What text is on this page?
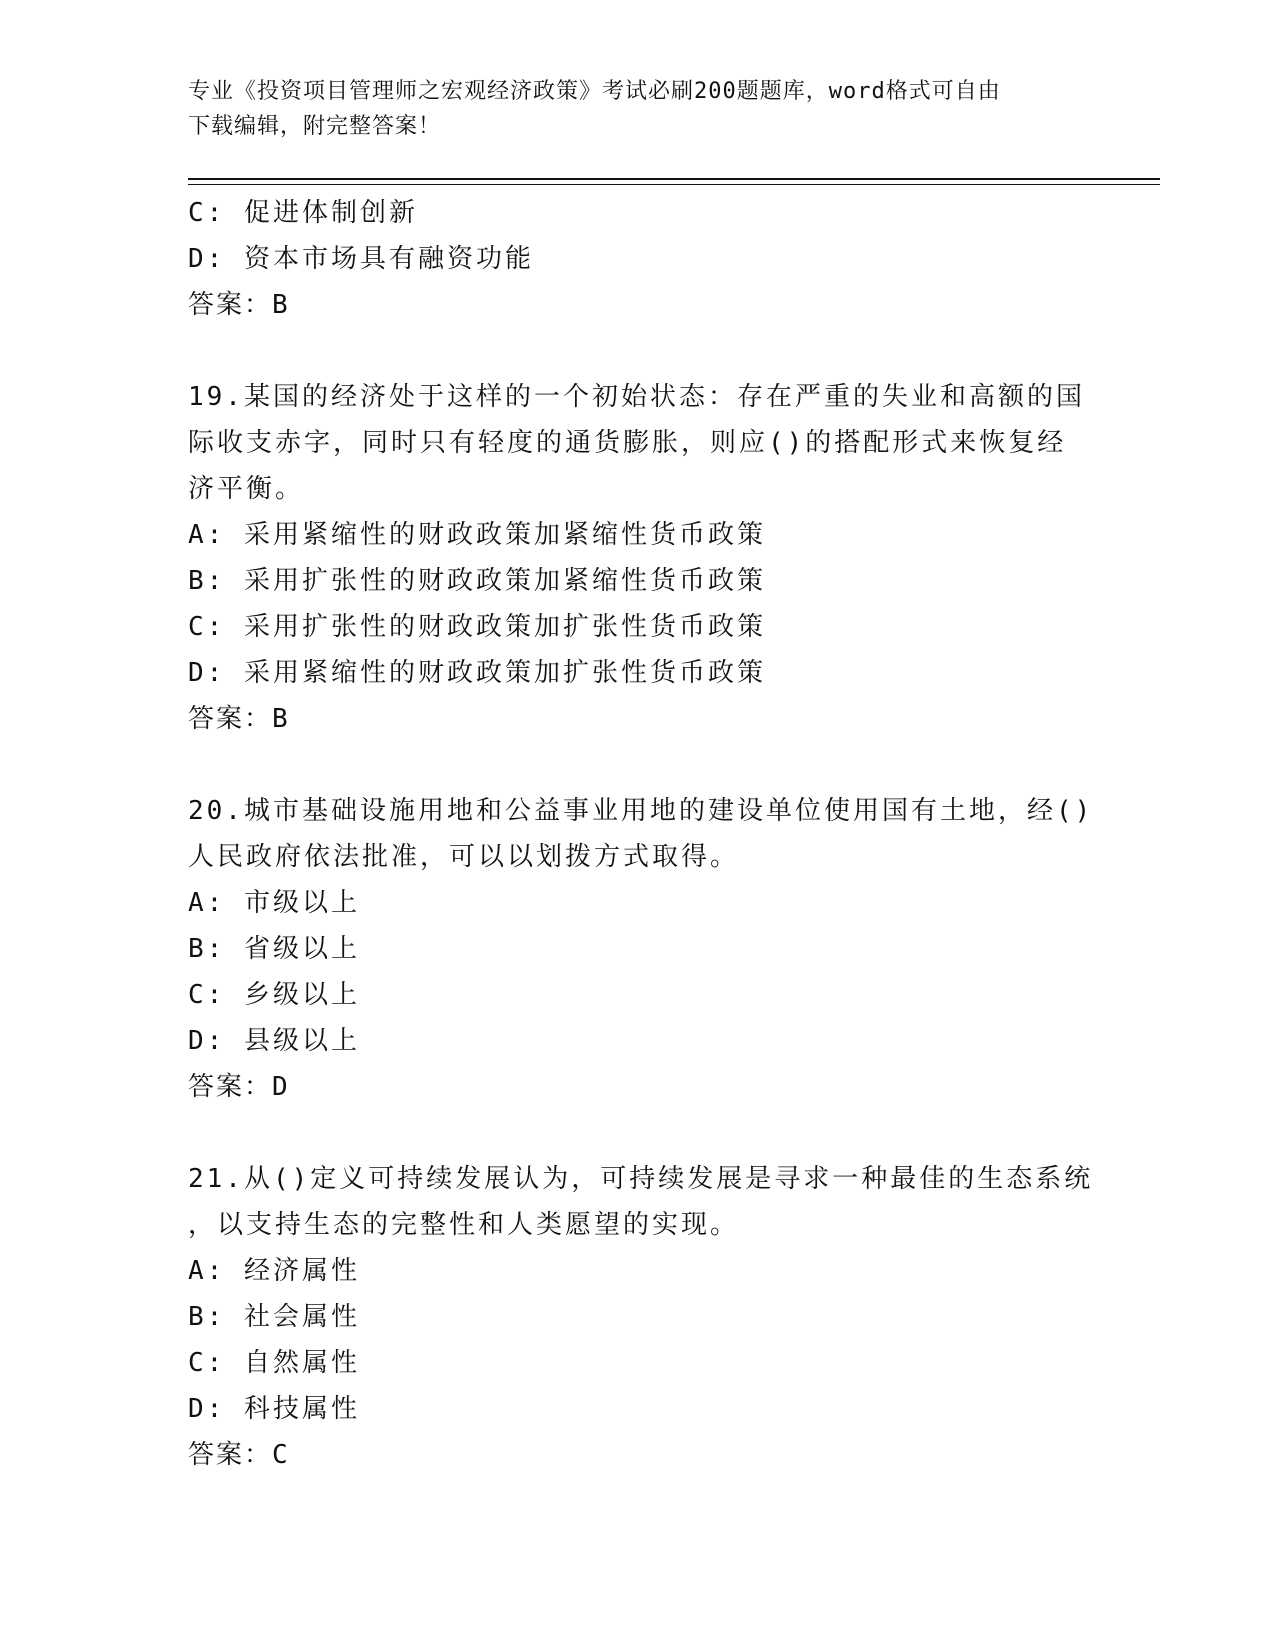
专业《投资项目管理师之宏观经济政策》考试必刷200题题库，word格式可自由
下载编辑，附完整答案！
C: 促进体制创新
D: 资本市场具有融资功能
答案：B
19.某国的经济处于这样的一个初始状态：存在严重的失业和高额的国
际收支赤字，同时只有轻度的通货膨胀，则应()的搭配形式来恢复经
济平衡。
A: 采用紧缩性的财政政策加紧缩性货币政策
B: 采用扩张性的财政政策加紧缩性货币政策
C: 采用扩张性的财政政策加扩张性货币政策
D: 采用紧缩性的财政政策加扩张性货币政策
答案：B
20.城市基础设施用地和公益事业用地的建设单位使用国有土地，经()
人民政府依法批准，可以以划拨方式取得。
A: 市级以上
B: 省级以上
C: 乡级以上
D: 县级以上
答案：D
21.从()定义可持续发展认为，可持续发展是寻求一种最佳的生态系统
，以支持生态的完整性和人类愿望的实现。
A: 经济属性
B: 社会属性
C: 自然属性
D: 科技属性
答案：C
